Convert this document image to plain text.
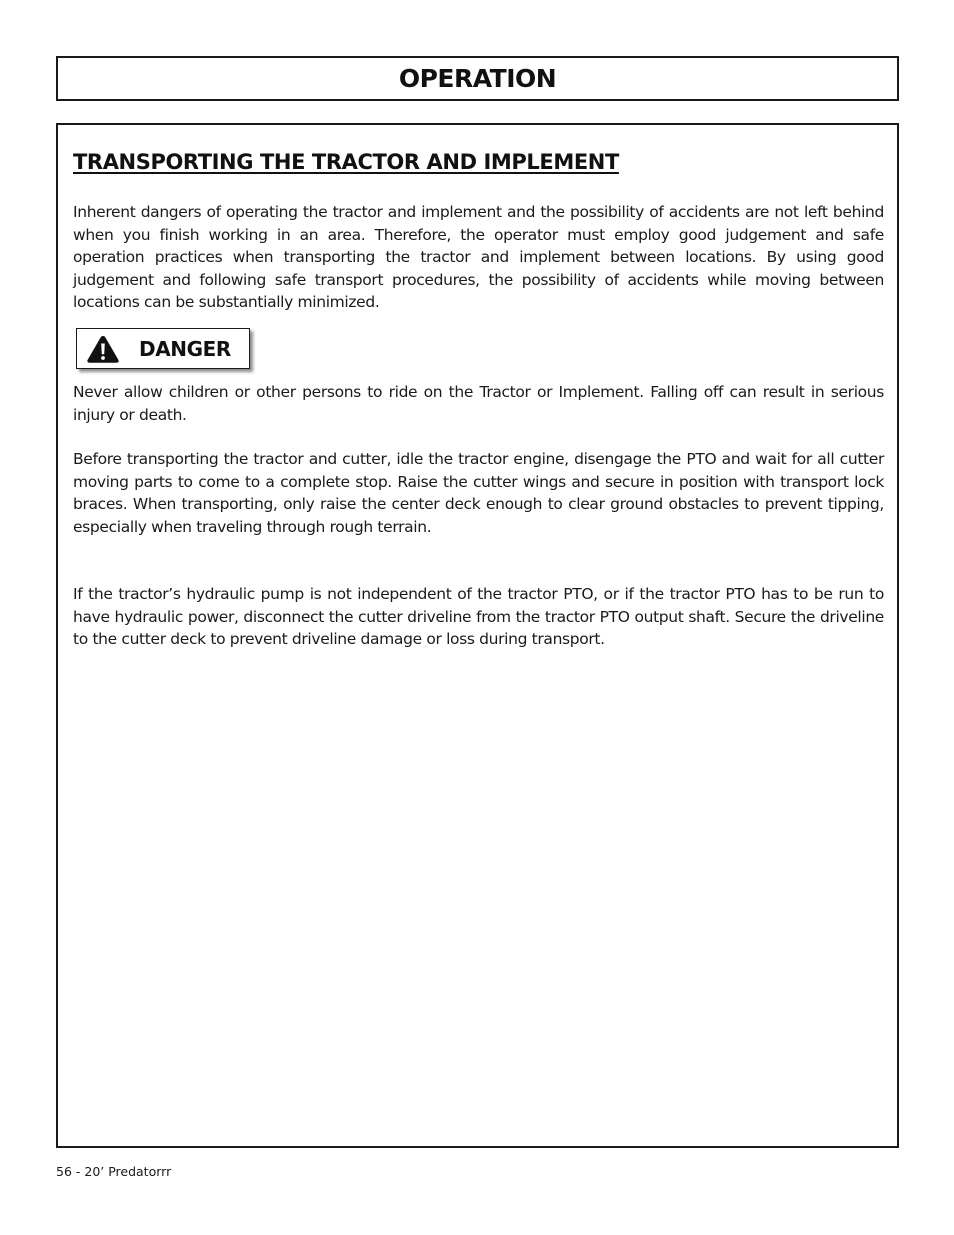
OPERATION
TRANSPORTING THE TRACTOR AND IMPLEMENT

Inherent dangers of operating the tractor and implement and the possibility of accidents are not left behind when you finish working in an area. Therefore, the operator must employ good judgement and safe operation practices when transporting the tractor and implement between locations. By using good judgement and following safe transport procedures, the possibility of accidents while moving between locations can be substantially minimized.

DANGER

Never allow children or other persons to ride on the Tractor or Implement. Falling off can result in serious injury or death.

Before transporting the tractor and cutter, idle the tractor engine, disengage the PTO and wait for all cutter moving parts to come to a complete stop. Raise the cutter wings and secure in position with transport lock braces. When transporting, only raise the center deck enough to clear ground obstacles to prevent tipping, especially when traveling through rough terrain.

If the tractor’s hydraulic pump is not independent of the tractor PTO, or if the tractor PTO has to be run to have hydraulic power, disconnect the cutter driveline from the tractor PTO output shaft. Secure the driveline to the cutter deck to prevent driveline damage or loss during transport.

56 - 20’ Predatorrr
